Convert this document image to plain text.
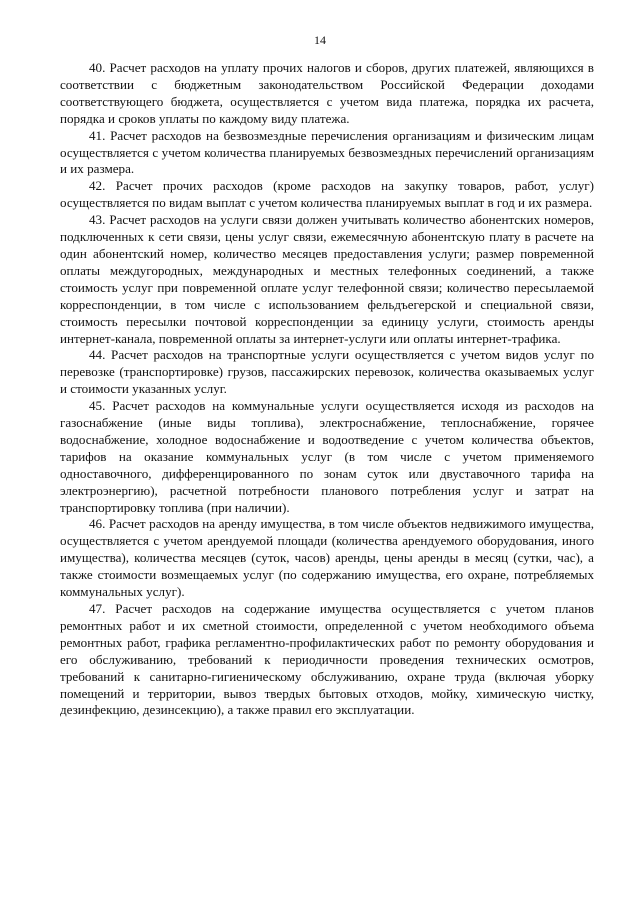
14

40. Расчет расходов на уплату прочих налогов и сборов, других платежей, являющихся в соответствии с бюджетным законодательством Российской Федерации доходами соответствующего бюджета, осуществляется с учетом вида платежа, порядка их расчета, порядка и сроков уплаты по каждому виду платежа.

41. Расчет расходов на безвозмездные перечисления организациям и физическим лицам осуществляется с учетом количества планируемых безвозмездных перечислений организациям и их размера.

42. Расчет прочих расходов (кроме расходов на закупку товаров, работ, услуг) осуществляется по видам выплат с учетом количества планируемых выплат в год и их размера.

43. Расчет расходов на услуги связи должен учитывать количество абонентских номеров, подключенных к сети связи, цены услуг связи, ежемесячную абонентскую плату в расчете на один абонентский номер, количество месяцев предоставления услуги; размер повременной оплаты междугородных, международных и местных телефонных соединений, а также стоимость услуг при повременной оплате услуг телефонной связи; количество пересылаемой корреспонденции, в том числе с использованием фельдъегерской и специальной связи, стоимость пересылки почтовой корреспонденции за единицу услуги, стоимость аренды интернет-канала, повременной оплаты за интернет-услуги или оплаты интернет-трафика.

44. Расчет расходов на транспортные услуги осуществляется с учетом видов услуг по перевозке (транспортировке) грузов, пассажирских перевозок, количества оказываемых услуг и стоимости указанных услуг.

45. Расчет расходов на коммунальные услуги осуществляется исходя из расходов на газоснабжение (иные виды топлива), электроснабжение, теплоснабжение, горячее водоснабжение, холодное водоснабжение и водоотведение с учетом количества объектов, тарифов на оказание коммунальных услуг (в том числе с учетом применяемого одноставочного, дифференцированного по зонам суток или двуставочного тарифа на электроэнергию), расчетной потребности планового потребления услуг и затрат на транспортировку топлива (при наличии).

46. Расчет расходов на аренду имущества, в том числе объектов недвижимого имущества, осуществляется с учетом арендуемой площади (количества арендуемого оборудования, иного имущества), количества месяцев (суток, часов) аренды, цены аренды в месяц (сутки, час), а также стоимости возмещаемых услуг (по содержанию имущества, его охране, потребляемых коммунальных услуг).

47. Расчет расходов на содержание имущества осуществляется с учетом планов ремонтных работ и их сметной стоимости, определенной с учетом необходимого объема ремонтных работ, графика регламентно-профилактических работ по ремонту оборудования и его обслуживанию, требований к периодичности проведения технических осмотров, требований к санитарно-гигиеническому обслуживанию, охране труда (включая уборку помещений и территории, вывоз твердых бытовых отходов, мойку, химическую чистку, дезинфекцию, дезинсекцию), а также правил его эксплуатации.
